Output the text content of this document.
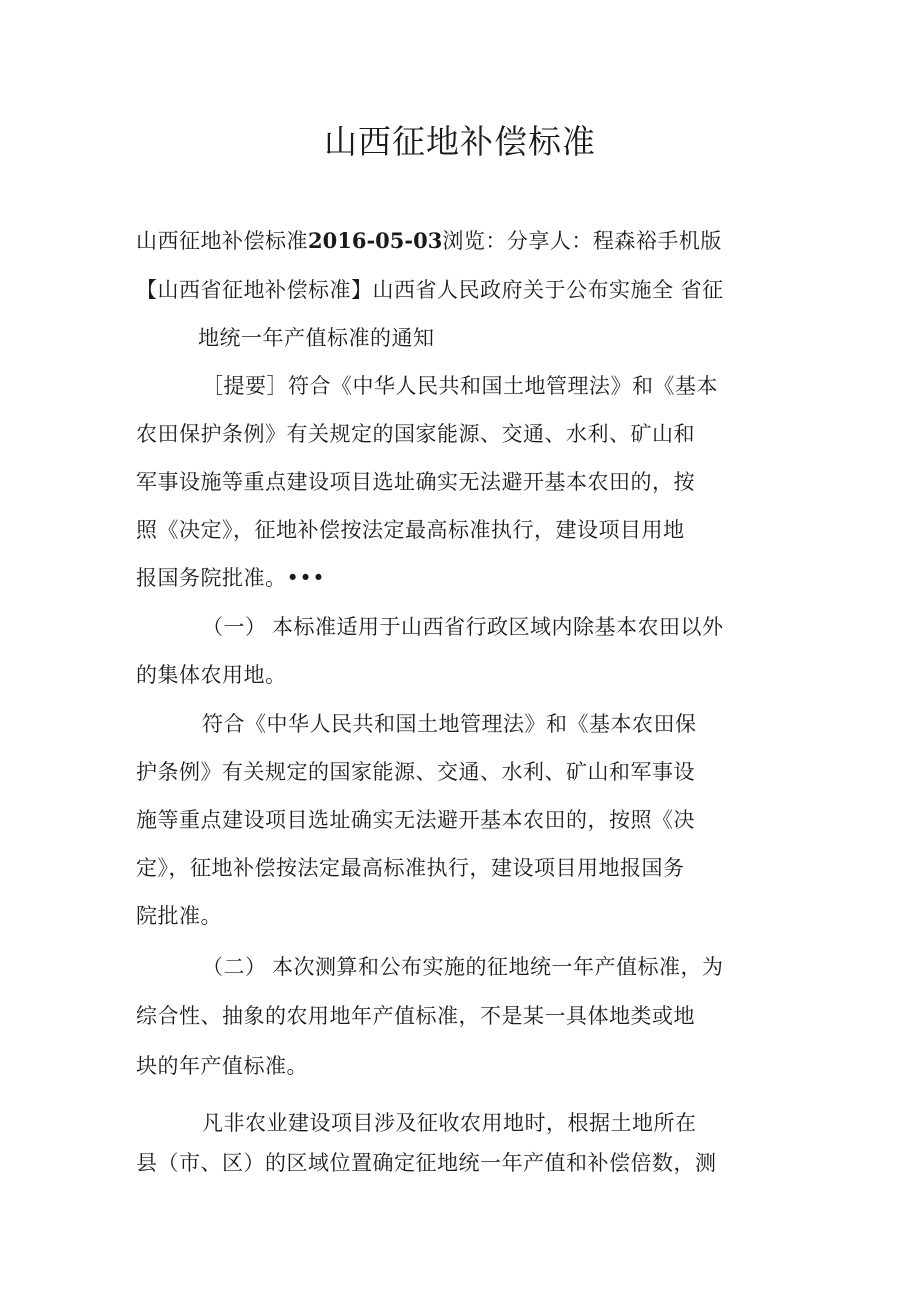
山西征地补偿标准
山西征地补偿标准2016-05-03浏览：分享人：程森裕手机版
【山西省征地补偿标准】山西省人民政府关于公布实施全 省征
地统一年产值标准的通知
［提要］符合《中华人民共和国土地管理法》和《基本
农田保护条例》有关规定的国家能源、交通、水利、矿山和
军事设施等重点建设项目选址确实无法避开基本农田的，按
照《决定》，征地补偿按法定最高标准执行，建设项目用地
报国务院批准。•••
（一） 本标准适用于山西省行政区域内除基本农田以外
的集体农用地。
符合《中华人民共和国土地管理法》和《基本农田保
护条例》有关规定的国家能源、交通、水利、矿山和军事设
施等重点建设项目选址确实无法避开基本农田的，按照《决
定》，征地补偿按法定最高标准执行，建设项目用地报国务
院批准。
（二） 本次测算和公布实施的征地统一年产值标准，为
综合性、抽象的农用地年产值标准，不是某一具体地类或地
块的年产值标准。
凡非农业建设项目涉及征收农用地时，根据土地所在
县（市、区）的区域位置确定征地统一年产值和补偿倍数，测
